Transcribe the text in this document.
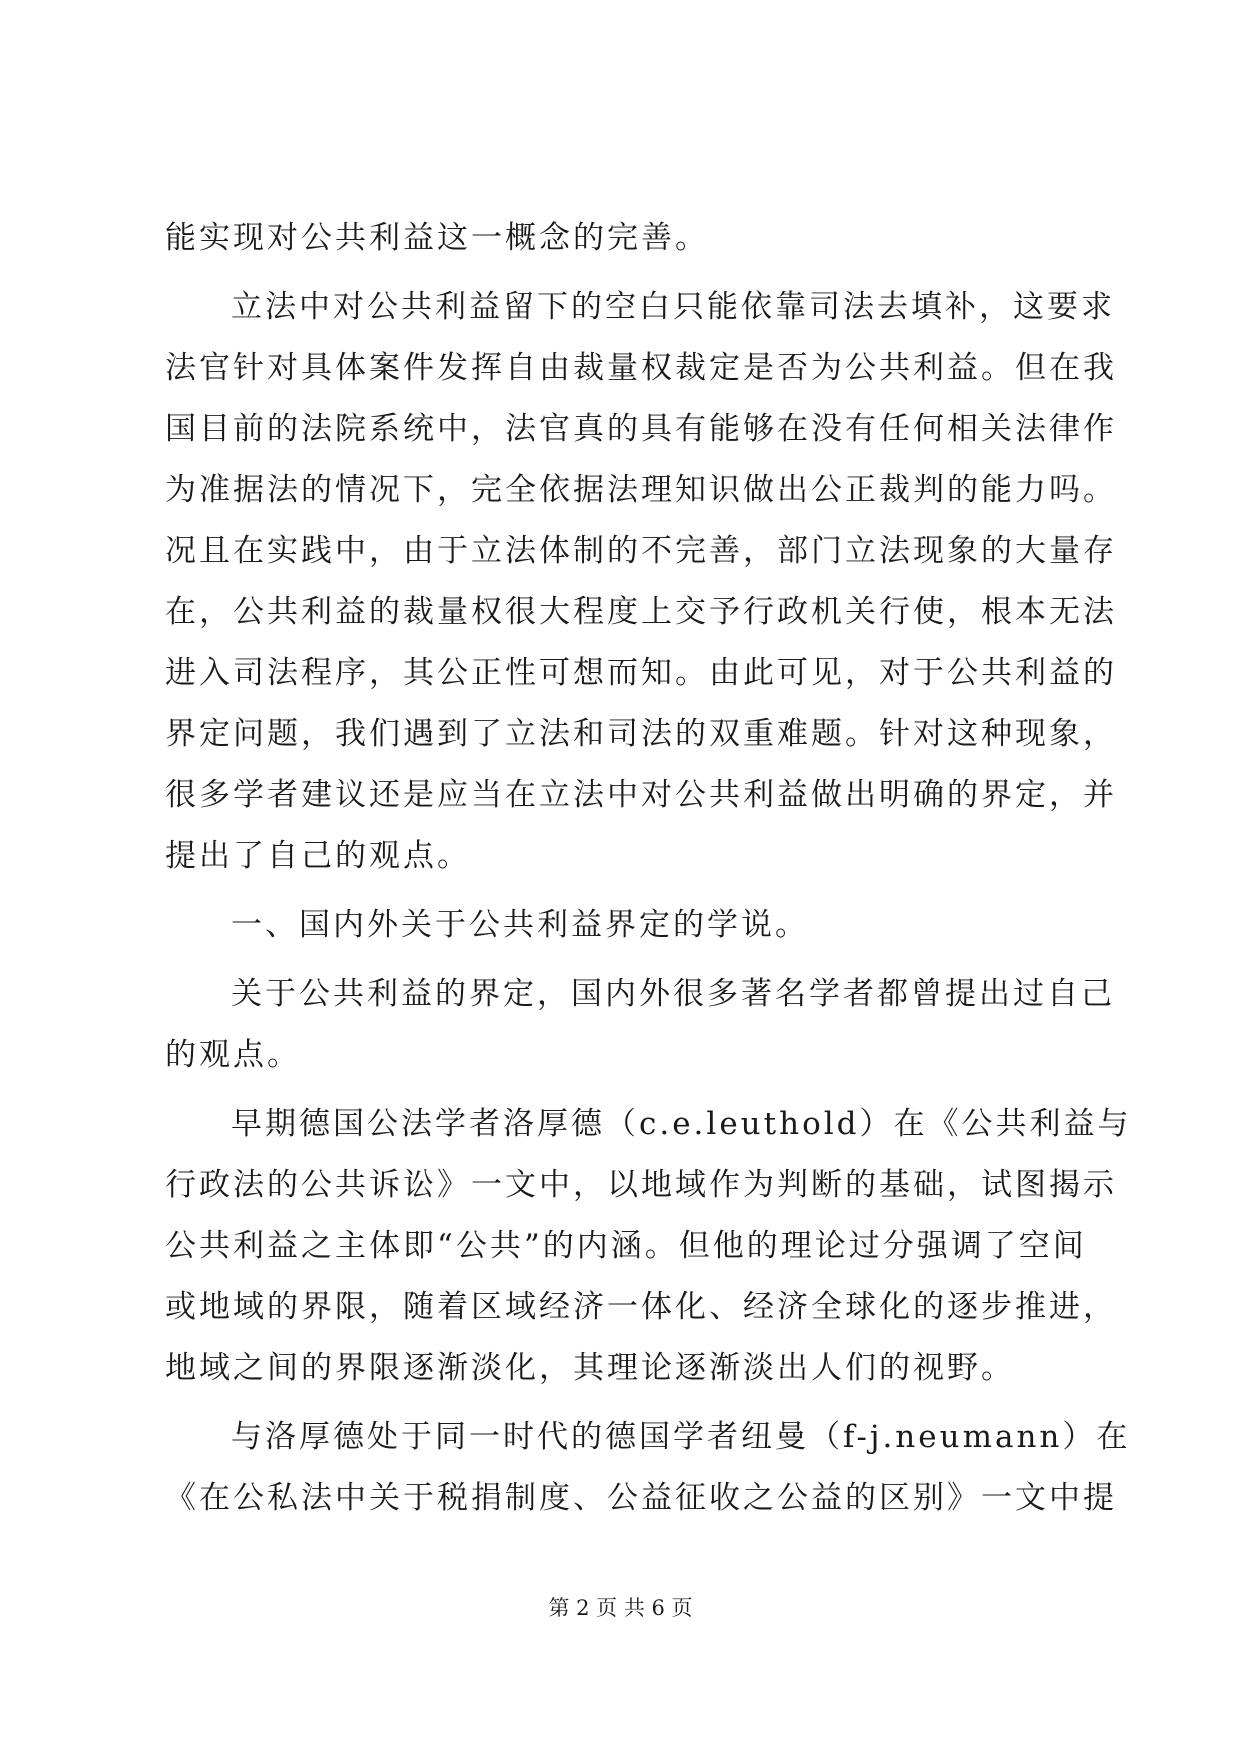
能实现对公共利益这一概念的完善。
立法中对公共利益留下的空白只能依靠司法去填补，这要求
法官针对具体案件发挥自由裁量权裁定是否为公共利益。但在我
国目前的法院系统中，法官真的具有能够在没有任何相关法律作
为准据法的情况下，完全依据法理知识做出公正裁判的能力吗。
况且在实践中，由于立法体制的不完善，部门立法现象的大量存
在，公共利益的裁量权很大程度上交予行政机关行使，根本无法
进入司法程序，其公正性可想而知。由此可见，对于公共利益的
界定问题，我们遇到了立法和司法的双重难题。针对这种现象，
很多学者建议还是应当在立法中对公共利益做出明确的界定，并
提出了自己的观点。
一、国内外关于公共利益界定的学说。
关于公共利益的界定，国内外很多著名学者都曾提出过自己
的观点。
早期德国公法学者洛厚德（c.e.leuthold）在《公共利益与
行政法的公共诉讼》一文中，以地域作为判断的基础，试图揭示
公共利益之主体即“公共”的内涵。但他的理论过分强调了空间
或地域的界限，随着区域经济一体化、经济全球化的逐步推进，
地域之间的界限逐渐淡化，其理论逐渐淡出人们的视野。
与洛厚德处于同一时代的德国学者纽曼（f-j.neumann）在
《在公私法中关于税捐制度、公益征收之公益的区别》一文中提
第 2 页 共 6 页
